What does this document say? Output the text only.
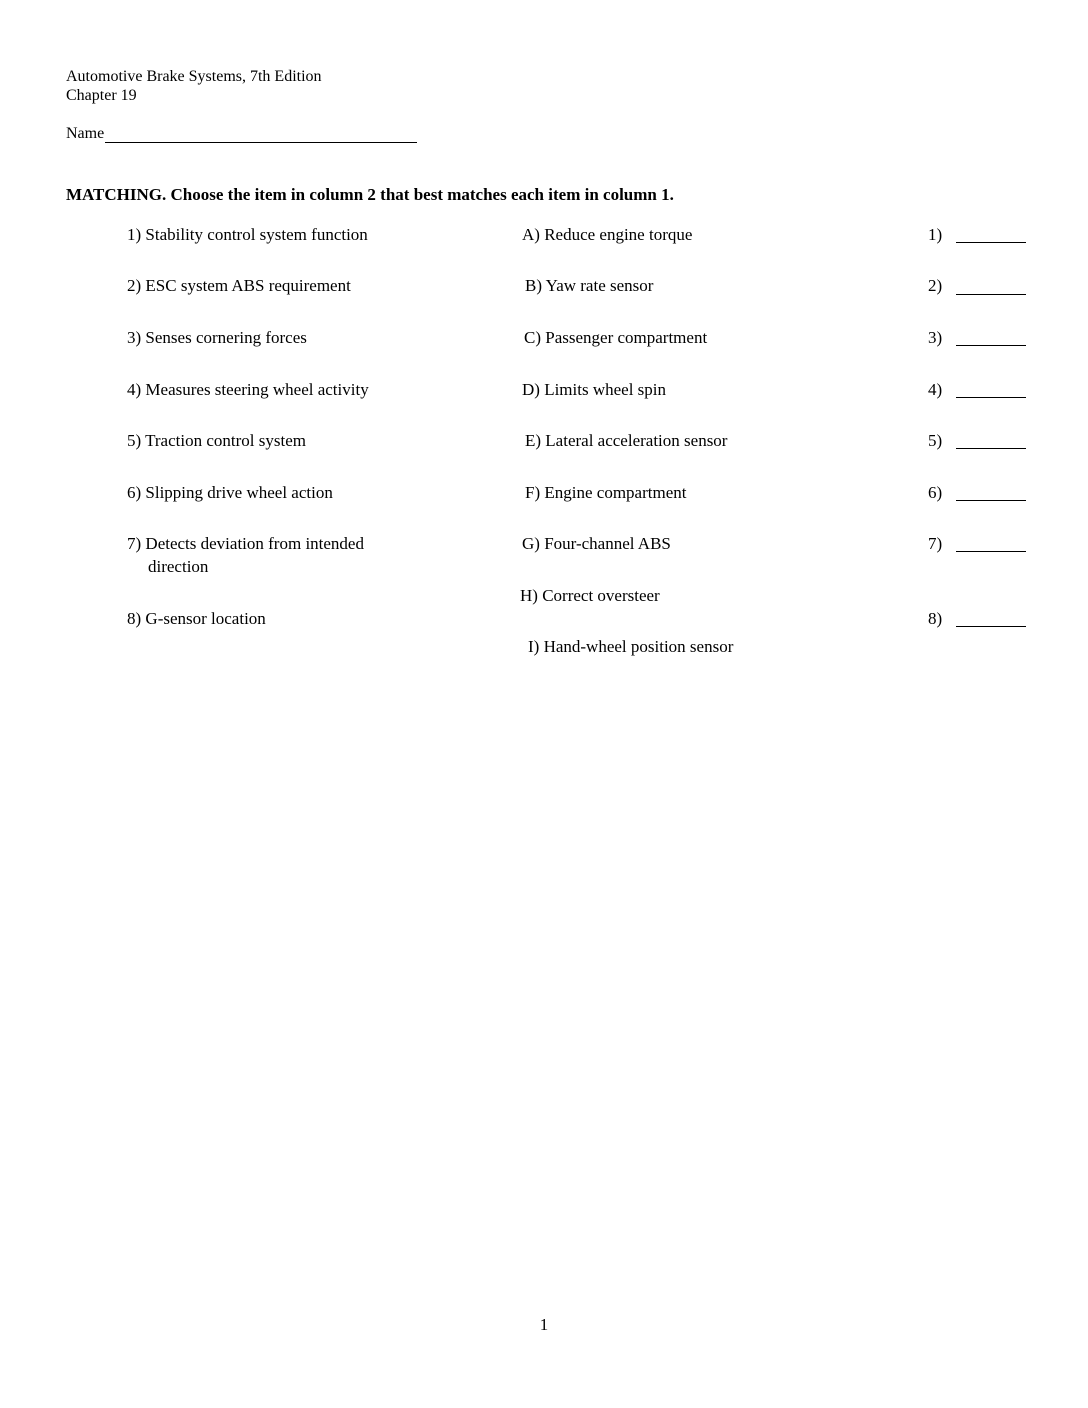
Automotive Brake Systems, 7th Edition
Chapter 19
Name
MATCHING. Choose the item in column 2 that best matches each item in column 1.
1) Stability control system function
2) ESC system ABS requirement
3) Senses cornering forces
4) Measures steering wheel activity
5) Traction control system
6) Slipping drive wheel action
7) Detects deviation from intended
direction
8) G-sensor location
A) Reduce engine torque
B) Yaw rate sensor
C) Passenger compartment
D) Limits wheel spin
E) Lateral acceleration sensor
F) Engine compartment
G) Four-channel ABS
H) Correct oversteer
I) Hand-wheel position sensor
1)
2)
3)
4)
5)
6)
7)
8)
1
